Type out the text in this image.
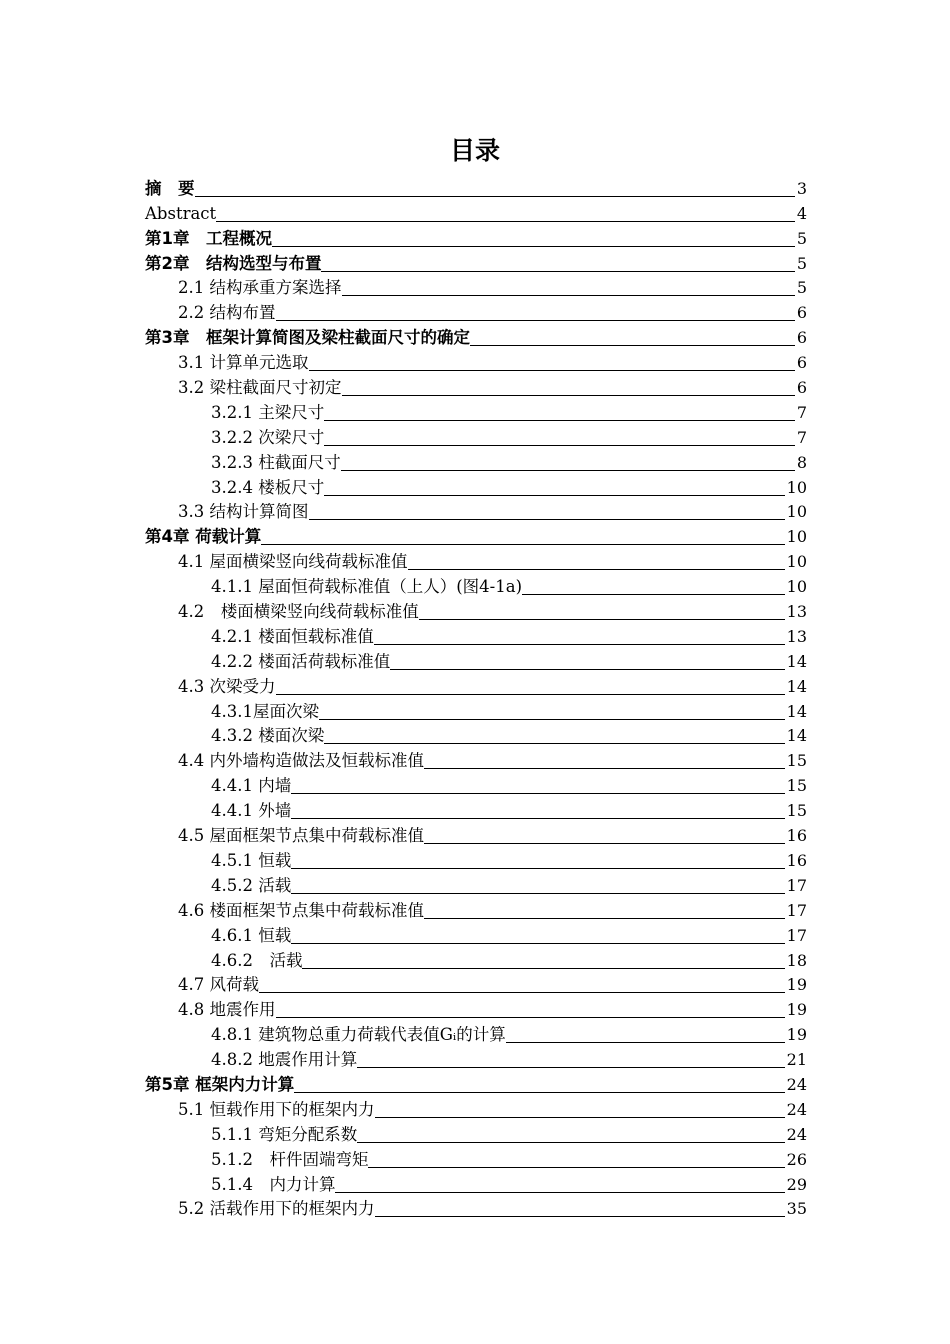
目录
摘　要	3
Abstract	4
第1章　工程概况	5
第2章　结构选型与布置	5
2.1 结构承重方案选择	5
2.2 结构布置	6
第3章　框架计算简图及梁柱截面尺寸的确定	6
3.1 计算单元选取	6
3.2 梁柱截面尺寸初定	6
3.2.1 主梁尺寸	7
3.2.2 次梁尺寸	7
3.2.3 柱截面尺寸	8
3.2.4 楼板尺寸	10
3.3 结构计算简图	10
第4章 荷载计算	10
4.1 屋面横梁竖向线荷载标准值	10
4.1.1 屋面恒荷载标准值（上人）(图4-1a)	10
4.2　楼面横梁竖向线荷载标准值	13
4.2.1 楼面恒载标准值	13
4.2.2 楼面活荷载标准值	14
4.3 次梁受力	14
4.3.1屋面次梁	14
4.3.2 楼面次梁	14
4.4 内外墙构造做法及恒载标准值	15
4.4.1 内墙	15
4.4.1 外墙	15
4.5 屋面框架节点集中荷载标准值	16
4.5.1 恒载	16
4.5.2 活载	17
4.6 楼面框架节点集中荷载标准值	17
4.6.1 恒载	17
4.6.2　活载	18
4.7 风荷载	19
4.8 地震作用	19
4.8.1 建筑物总重力荷载代表值Gᵢ的计算	19
4.8.2 地震作用计算	21
第5章 框架内力计算	24
5.1 恒载作用下的框架内力	24
5.1.1 弯矩分配系数	24
5.1.2　杆件固端弯矩	26
5.1.4　内力计算	29
5.2 活载作用下的框架内力	35
